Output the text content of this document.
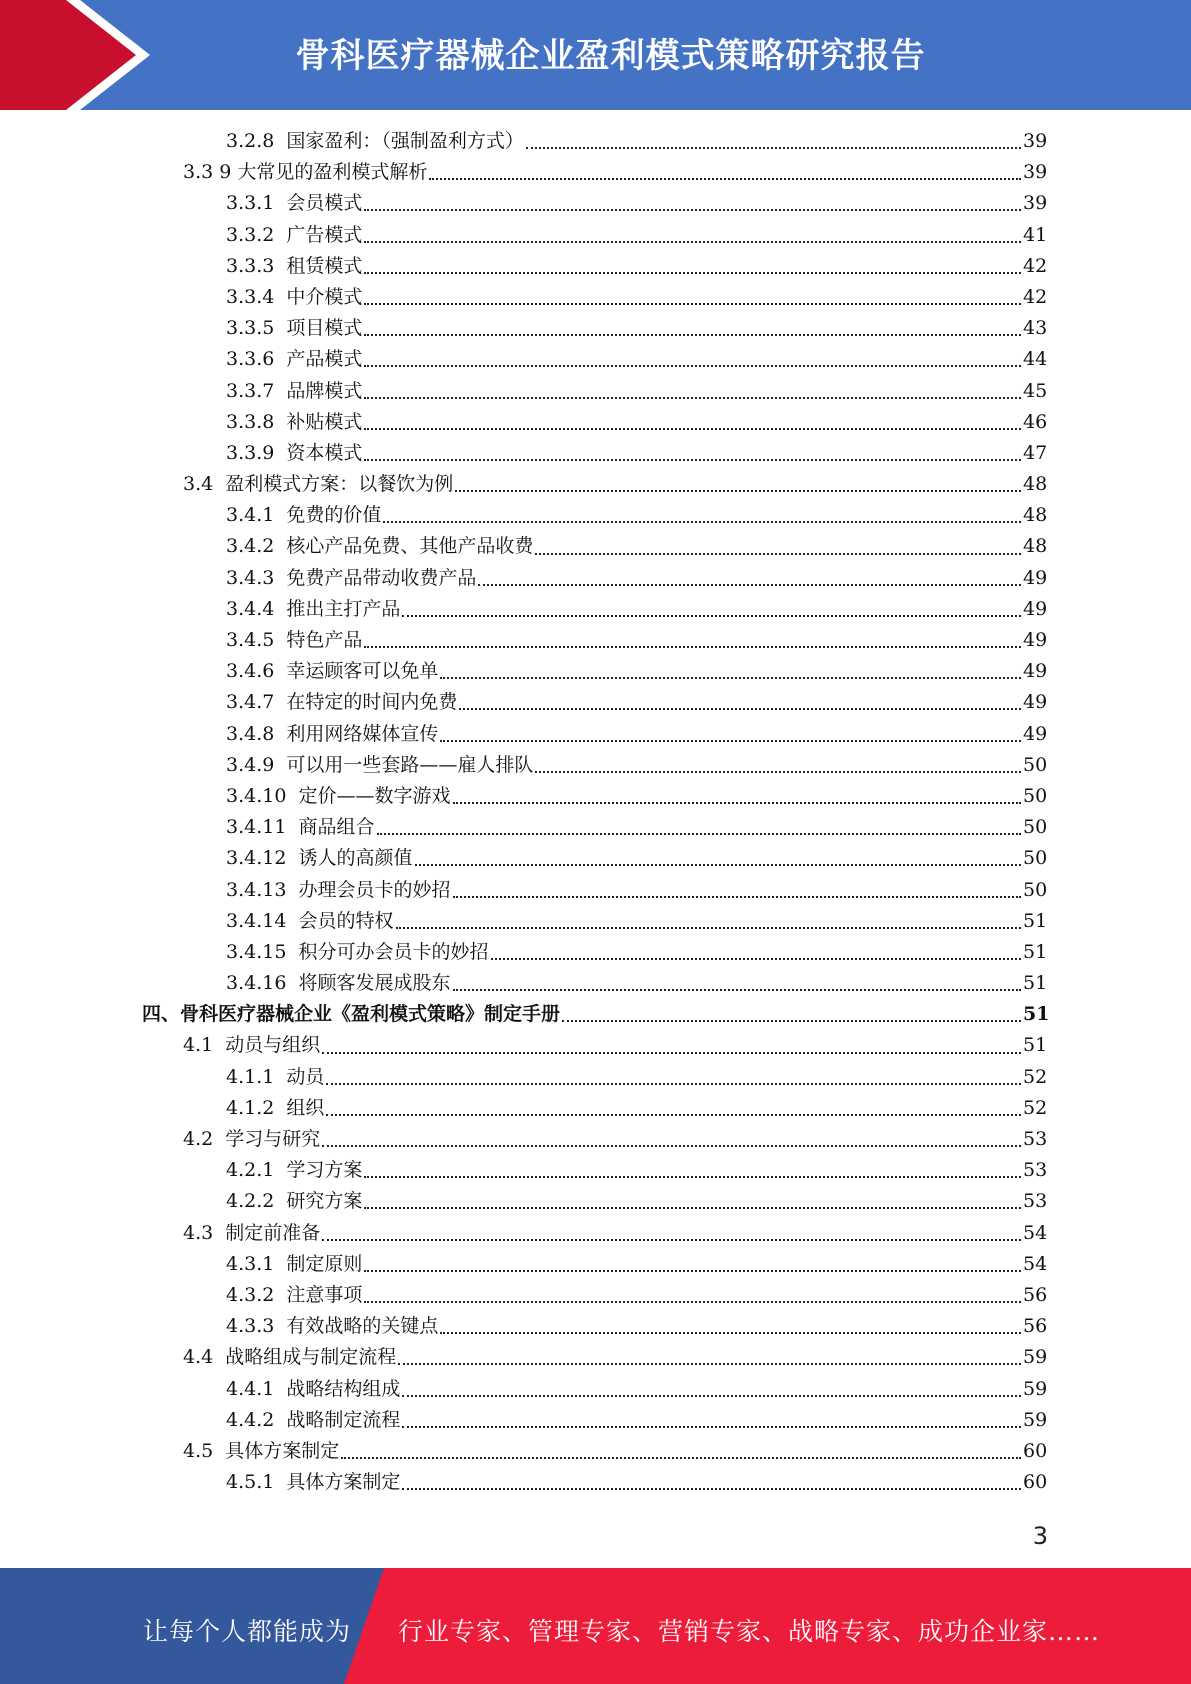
骨科医疗器械企业盈利模式策略研究报告
3.2.8  国家盈利：（强制盈利方式）	39
3.3 9 大常见的盈利模式解析	39
3.3.1  会员模式	39
3.3.2  广告模式	41
3.3.3  租赁模式	42
3.3.4  中介模式	42
3.3.5  项目模式	43
3.3.6  产品模式	44
3.3.7  品牌模式	45
3.3.8  补贴模式	46
3.3.9  资本模式	47
3.4  盈利模式方案：以餐饮为例	48
3.4.1  免费的价值	48
3.4.2  核心产品免费、其他产品收费	48
3.4.3  免费产品带动收费产品	49
3.4.4  推出主打产品	49
3.4.5  特色产品	49
3.4.6  幸运顾客可以免单	49
3.4.7  在特定的时间内免费	49
3.4.8  利用网络媒体宣传	49
3.4.9  可以用一些套路——雇人排队	50
3.4.10  定价——数字游戏	50
3.4.11  商品组合	50
3.4.12  诱人的高颜值	50
3.4.13  办理会员卡的妙招	50
3.4.14  会员的特权	51
3.4.15  积分可办会员卡的妙招	51
3.4.16  将顾客发展成股东	51
四、骨科医疗器械企业《盈利模式策略》制定手册	51
4.1  动员与组织	51
4.1.1  动员	52
4.1.2  组织	52
4.2  学习与研究	53
4.2.1  学习方案	53
4.2.2  研究方案	53
4.3  制定前准备	54
4.3.1  制定原则	54
4.3.2  注意事项	56
4.3.3  有效战略的关键点	56
4.4  战略组成与制定流程	59
4.4.1  战略结构组成	59
4.4.2  战略制定流程	59
4.5  具体方案制定	60
4.5.1  具体方案制定	60
3
让每个人都能成为 行业专家、管理专家、营销专家、战略专家、成功企业家……
